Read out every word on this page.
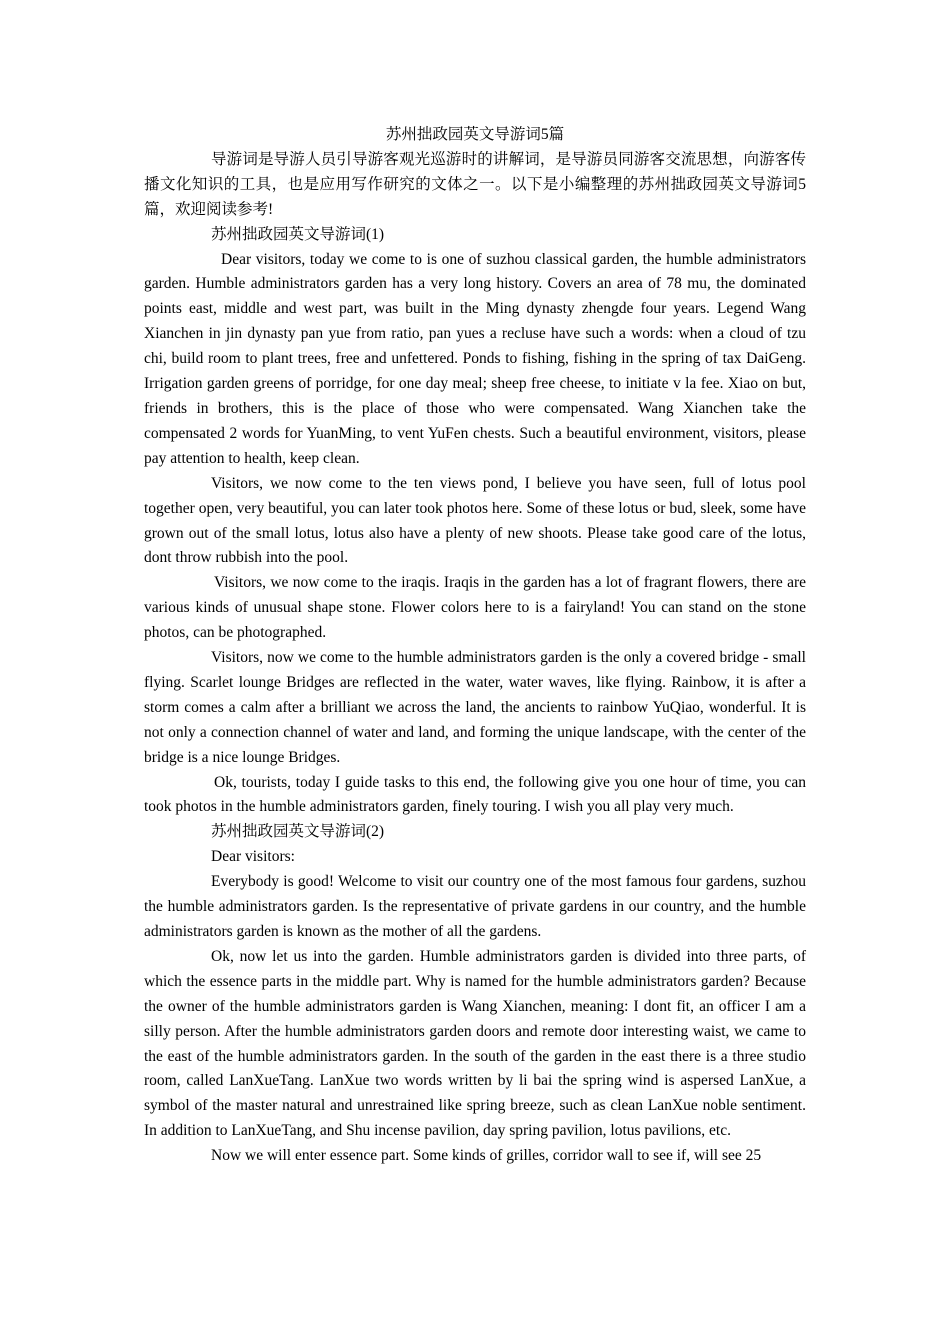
苏州拙政园英文导游词5篇

导游词是导游人员引导游客观光巡游时的讲解词，是导游员同游客交流思想，向游客传播文化知识的工具，也是应用写作研究的文体之一。以下是小编整理的苏州拙政园英文导游词5篇，欢迎阅读参考!

苏州拙政园英文导游词(1)

Dear visitors, today we come to is one of suzhou classical garden, the humble administrators garden. Humble administrators garden has a very long history. Covers an area of 78 mu, the dominated points east, middle and west part, was built in the Ming dynasty zhengde four years. Legend Wang Xianchen in jin dynasty pan yue from ratio, pan yues a recluse have such a words: when a cloud of tzu chi, build room to plant trees, free and unfettered. Ponds to fishing, fishing in the spring of tax DaiGeng. Irrigation garden greens of porridge, for one day meal; sheep free cheese, to initiate v la fee. Xiao on but, friends in brothers, this is the place of those who were compensated. Wang Xianchen take the compensated 2 words for YuanMing, to vent YuFen chests. Such a beautiful environment, visitors, please pay attention to health, keep clean.

Visitors, we now come to the ten views pond, I believe you have seen, full of lotus pool together open, very beautiful, you can later took photos here. Some of these lotus or bud, sleek, some have grown out of the small lotus, lotus also have a plenty of new shoots. Please take good care of the lotus, dont throw rubbish into the pool.

Visitors, we now come to the iraqis. Iraqis in the garden has a lot of fragrant flowers, there are various kinds of unusual shape stone. Flower colors here to is a fairyland! You can stand on the stone photos, can be photographed.

Visitors, now we come to the humble administrators garden is the only a covered bridge - small flying. Scarlet lounge Bridges are reflected in the water, water waves, like flying. Rainbow, it is after a storm comes a calm after a brilliant we across the land, the ancients to rainbow YuQiao, wonderful. It is not only a connection channel of water and land, and forming the unique landscape, with the center of the bridge is a nice lounge Bridges.

Ok, tourists, today I guide tasks to this end, the following give you one hour of time, you can took photos in the humble administrators garden, finely touring. I wish you all play very much.

苏州拙政园英文导游词(2)

Dear visitors:

Everybody is good! Welcome to visit our country one of the most famous four gardens, suzhou the humble administrators garden. Is the representative of private gardens in our country, and the humble administrators garden is known as the mother of all the gardens.

Ok, now let us into the garden. Humble administrators garden is divided into three parts, of which the essence parts in the middle part. Why is named for the humble administrators garden? Because the owner of the humble administrators garden is Wang Xianchen, meaning: I dont fit, an officer I am a silly person. After the humble administrators garden doors and remote door interesting waist, we came to the east of the humble administrators garden. In the south of the garden in the east there is a three studio room, called LanXueTang. LanXue two words written by li bai the spring wind is aspersed LanXue, a symbol of the master natural and unrestrained like spring breeze, such as clean LanXue noble sentiment. In addition to LanXueTang, and Shu incense pavilion, day spring pavilion, lotus pavilions, etc.

Now we will enter essence part. Some kinds of grilles, corridor wall to see if, will see 25
